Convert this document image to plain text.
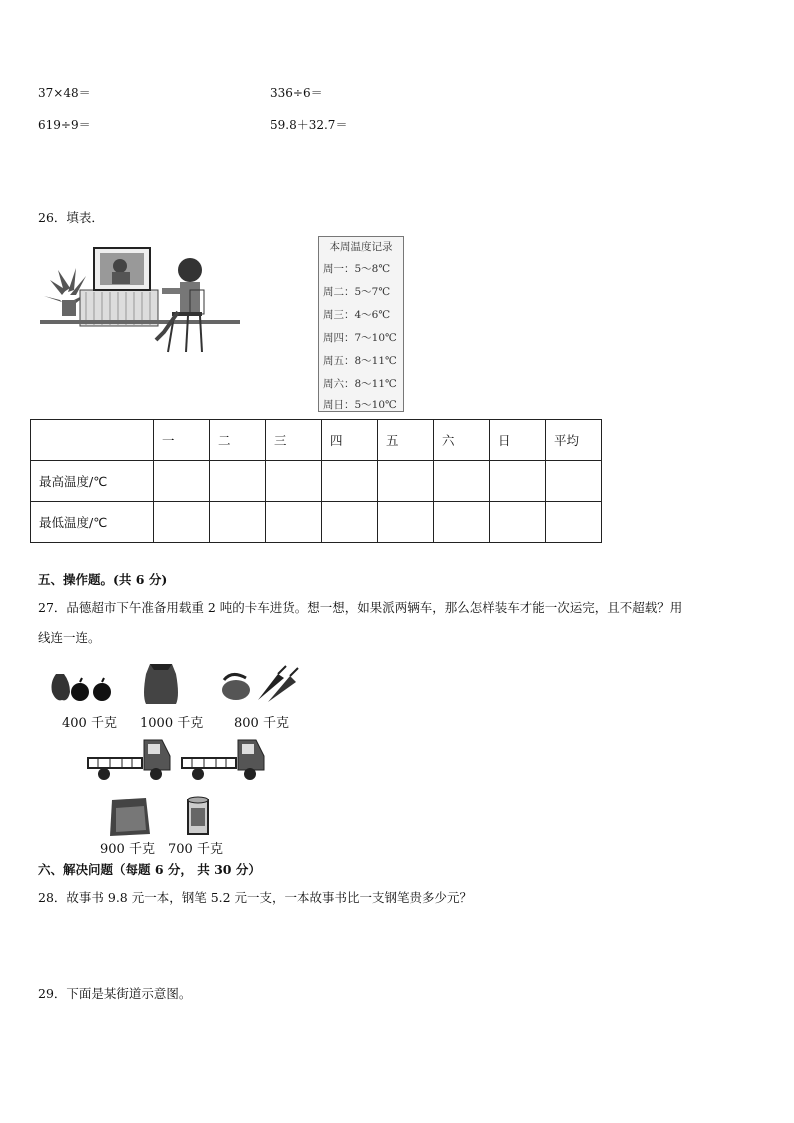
37×48＝	336÷6＝
619÷9＝	59.8＋32.7＝
26．填表．
本周温度记录
周一：5～8℃
周二：5～7℃
周三：4～6℃
周四：7～10℃
周五：8～11℃
周六：8～11℃
周日：5～10℃
	一	二	三	四	五	六	日	平均
最高温度/℃								
最低温度/℃								
五、操作题。(共 6 分)
27．品德超市下午准备用载重 2 吨的卡车进货。想一想，如果派两辆车，那么怎样装车才能一次运完，且不超载？用
线连一连。
400 千克 1000 千克 800 千克
900 千克 700 千克
六、解决问题（每题 6 分， 共 30 分）
28．故事书 9.8 元一本，钢笔 5.2 元一支，一本故事书比一支钢笔贵多少元？
29．下面是某街道示意图。
